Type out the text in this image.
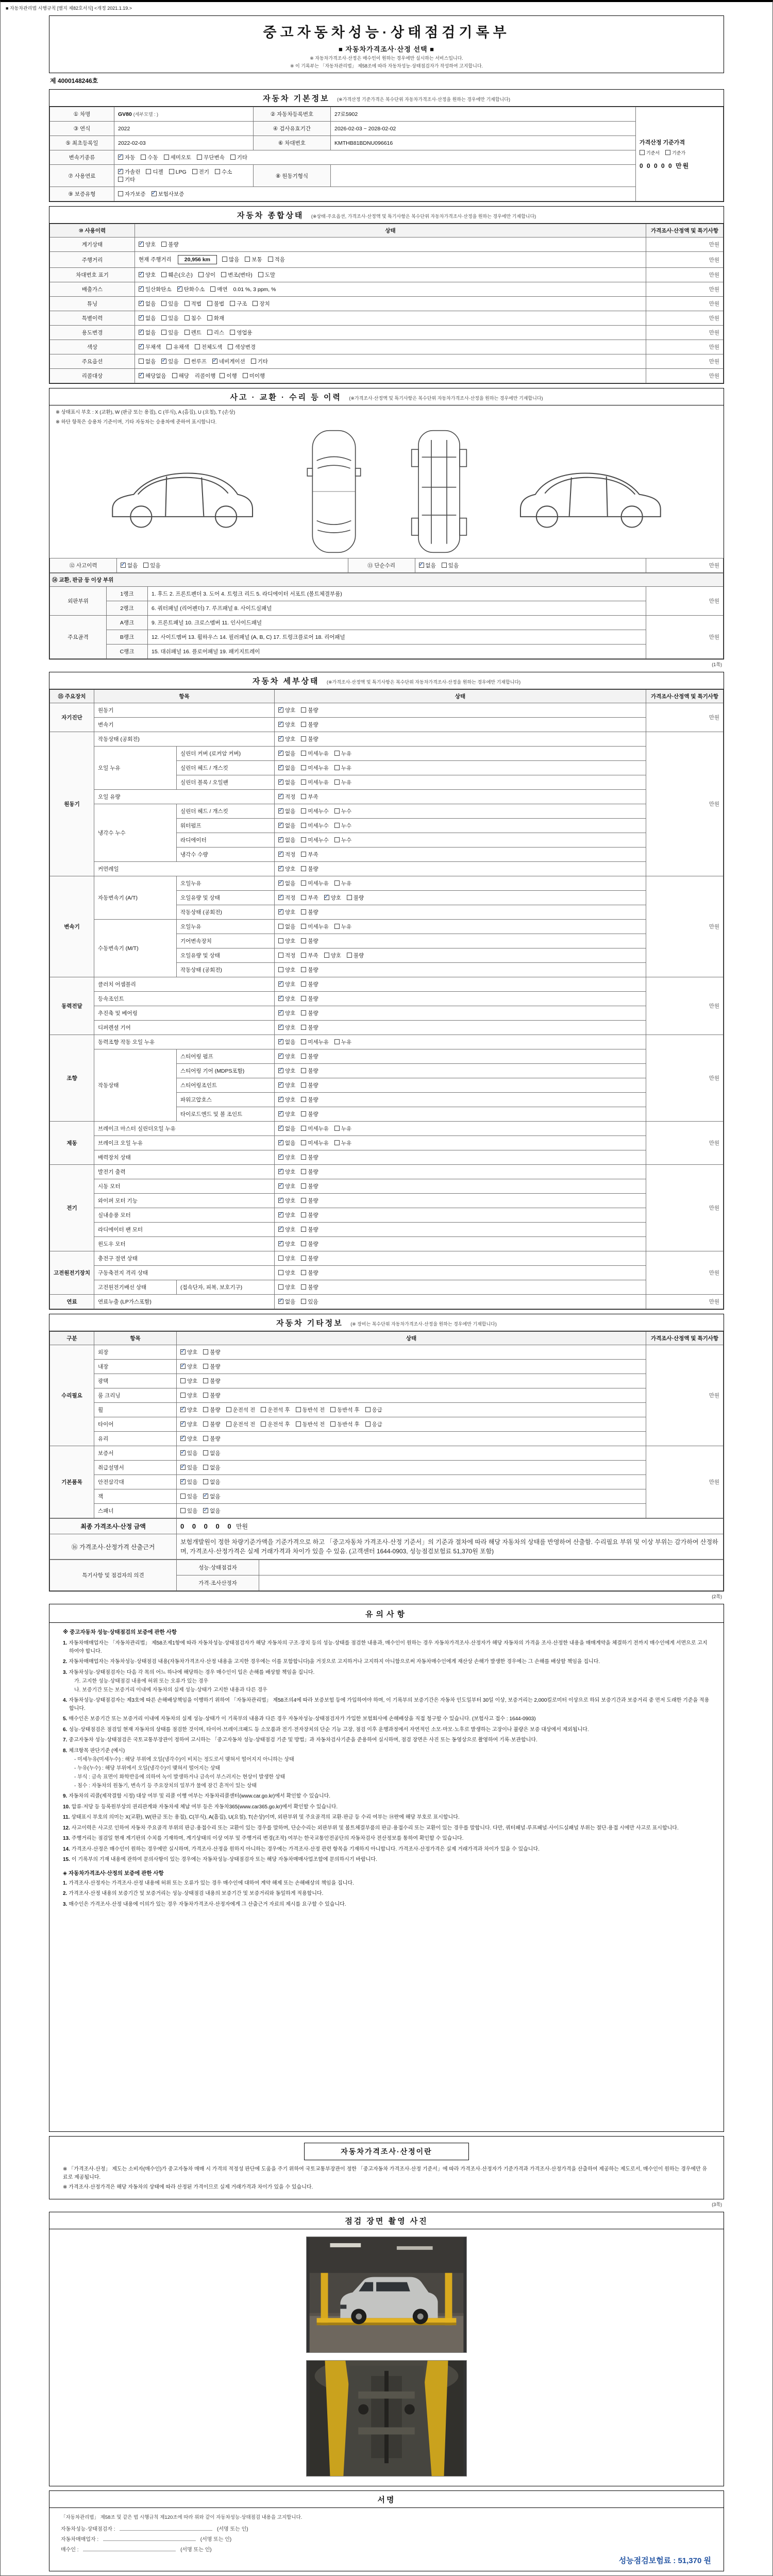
■ 자동차관리법 시행규칙 [별지 제82호서식] <개정 2021.1.19.>
중고자동차성능·상태점검기록부
■ 자동차가격조사·산정 선택 ■
※ 자동차가격조사·산정은 매수인이 원하는 경우에만 실시하는 서비스입니다.
※ 이 기록부는 「자동차관리법」 제58조에 따라 자동차성능·상태점검자가 작성하여 고지합니다.
제 4000148246호
자동차 기본정보 (※가격산정 기준가격은 복수단위 자동차가격조사·산정을 원하는 경우에만 기재합니다)
① 차명	GV80 (세부모델 : )	② 자동차등록번호	27로5902	가격산정 기준가격
기준서 기준가
0 0 0 0 0 만원

③ 연식	2022	④ 검사유효기간	2026-02-03 ~ 2028-02-02	
⑤ 최초등록일	2022-02-03	⑥ 차대번호	KMTHB81BDNU096616	
변속기종류	✓자동 수동 세미오토 무단변속 기타
⑦ 사용연료	✓가솔린 디젤 LPG 전기 수소기타	⑧ 원동기형식		
⑨ 보증유형	자가보증 ✓ 보험사보증
자동차 종합상태 (※상태·주요옵션, 가격조사·산정액 및 특기사항은 복수단위 자동차가격조사·산정을 원하는 경우에만 기재합니다)
⑩ 사용이력	상태	가격조사·산정액 및 특기사항
계기상태	✓양호 불량	만원
주행거리	현재 주행거리 20,956 km 많음 보통 적음	만원
차대번호 표기	✓양호 훼손(오손) 상이 변조(변타) 도말	만원
배출가스	✓일산화탄소 ✓ 탄화수소 매연 0.01 %, 3 ppm, %	만원
튜닝	✓없음 있음 적법 불법 구조 장치	만원
특별이력	✓없음 있음 침수 화재	만원
용도변경	✓없음 있음 렌트 리스 영업용	만원
색상	✓무채색 유채색 전체도색 색상변경	만원
주요옵션	없음 ✓ 있음 썬루프 ✓ 네비게이션 기타	만원
리콜대상	✓해당없음 해당 리콜이행 이행 미이행	만원
사고 · 교환 · 수리 등 이력 (※가격조사·산정액 및 특기사항은 복수단위 자동차가격조사·산정을 원하는 경우에만 기재합니다)
※ 상태표시 부호 : X (교환), W (판금 또는 용접), C (부식), A (흠집), U (요철), T (손상)
※ 하단 항목은 승용차 기준이며, 기타 자동차는 승용차에 준하여 표시합니다.
⑫ 사고이력	✓없음 있음	⑬ 단순수리	✓없음 있음	만원
⑭ 교환, 판금 등 이상 부위			
외판부위	1랭크	1. 후드 2. 프론트펜더 3. 도어 4. 트렁크 리드 5. 라디에이터 서포트 (볼트체결부품)	만원
	2랭크	6. 쿼터패널 (리어펜더) 7. 루프패널 8. 사이드실패널	
주요골격	A랭크	9. 프론트패널 10. 크로스멤버 11. 인사이드패널	만원
	B랭크	12. 사이드멤버 13. 휠하우스 14. 필러패널 (A, B, C) 17. 트렁크플로어 18. 리어패널	
	C랭크	15. 대쉬패널 16. 플로어패널 19. 패키지트레이	
(1쪽)
자동차 세부상태 (※가격조사·산정액 및 특기사항은 복수단위 자동차가격조사·산정을 원하는 경우에만 기재합니다)
⑮ 주요장치	항목		상태	가격조사·산정액 및 특기사항
자기진단	원동기	✓양호 불량	만원
	변속기	✓양호 불량
원동기	작동상태 (공회전)	✓양호 불량	만원
	오일 누유	실린더 커버 (로커암 커버)	✓없음 미세누유 누유
		실린더 헤드 / 개스킷	✓없음 미세누유 누유
		실린더 블록 / 오일팬	✓없음 미세누유 누유
	오일 유량	✓적정 부족
	냉각수 누수	실린더 헤드 / 개스킷	✓없음 미세누수 누수
		워터펌프	✓없음 미세누수 누수
		라디에이터	✓없음 미세누수 누수
		냉각수 수량	✓적정 부족
	커먼레일	✓양호 불량
변속기	자동변속기 (A/T)	오일누유	✓없음 미세누유 누유	만원
		오일유량 및 상태	✓적정 부족 ✓ 양호 불량
		작동상태 (공회전)	✓양호 불량
	수동변속기 (M/T)	오일누유	없음 미세누유 누유	
		기어변속장치	양호 불량	
		오일유량 및 상태	적정 부족 양호 불량	
		작동상태 (공회전)	양호 불량	
동력전달	클러치 어셈블리	✓양호 불량	만원
	등속조인트	✓양호 불량
	추진축 및 베어링	✓양호 불량
	디퍼렌셜 기어	✓양호 불량
조향	동력조향 작동 오일 누유	✓없음 미세누유 누유	만원
	작동상태	스티어링 펌프	✓양호 불량
		스티어링 기어 (MDPS포함)	✓양호 불량
		스티어링조인트	✓양호 불량
		파워고압호스	✓양호 불량
		타이로드엔드 및 볼 조인트	✓양호 불량
제동	브레이크 마스터 실린더오일 누유	✓없음 미세누유 누유	만원
	브레이크 오일 누유	✓없음 미세누유 누유
	배력장치 상태	✓양호 불량
전기	발전기 출력	✓양호 불량	만원
	시동 모터	✓양호 불량
	와이퍼 모터 기능	✓양호 불량
	실내송풍 모터	✓양호 불량
	라디에이터 팬 모터	✓양호 불량
	윈도우 모터	✓양호 불량
고전원전기장치	충전구 절연 상태		양호 불량	만원
	구동축전지 격리 상태		양호 불량	
	고전원전기배선 상태	(접속단자, 피복, 보호기구)	양호 불량	
연료	연료누출 (LP가스포함)	✓없음 있음	만원
자동차 기타정보 (※ 장비는 복수단위 자동차가격조사·산정을 원하는 경우에만 기재합니다)
구분	항목	상태	가격조사·산정액 및 특기사항
수리필요	외장	✓양호 불량	만원
	내장	✓양호 불량
	광택	양호 불량	
	룸 크리닝	양호 불량	
	휠	✓양호 불량 운전석 전 운전석 후 동반석 전 동반석 후 응급
	타이어	✓양호 불량 운전석 전 운전석 후 동반석 전 동반석 후 응급
	유리	✓양호 불량
기본품목	보증서	✓있음 없음	만원
	취급설명서	✓있음 없음
	안전삼각대	✓있음 없음
	잭	있음 ✓ 없음
	스패너	있음 ✓ 없음
최종 가격조사·산정 금액	0 0 0 0 0 만원
⑯ 가격조사·산정가격 산출근거	보험개발원이 정한 차량기준가액을 기준가격으로 하고 「중고자동차 가격조사·산정 기준서」의 기준과 절차에 따라 해당 자동차의 상태를 반영하여 산출함. 수리필요 부위 및 이상 부위는 감가하여 산정하며, 가격조사·산정가격은 실제 거래가격과 차이가 있을 수 있음. (고객센터 1644-0903, 성능점검보험료 51,370원 포함)
특기사항 및 점검자의 의견	성능·상태점검자	
	가격·조사산정자	
(2쪽)
유의사항
※ 중고자동차 성능·상태점검의 보증에 관한 사항
1. 자동차매매업자는 「자동차관리법」 제58조제1항에 따라 자동차성능·상태점검자가 해당 자동차의 구조·장치 등의 성능·상태를 점검한 내용과, 매수인이 원하는 경우 자동차가격조사·산정자가 해당 자동차의 가격을 조사·산정한 내용을 매매계약을 체결하기 전까지 매수인에게 서면으로 고지하여야 합니다.
2. 자동차매매업자는 자동차성능·상태점검 내용(자동차가격조사·산정 내용을 고지한 경우에는 이를 포함합니다)을 거짓으로 고지하거나 고지하지 아니함으로써 자동차매수인에게 재산상 손해가 발생한 경우에는 그 손해를 배상할 책임을 집니다.
3. 자동차성능·상태점검자는 다음 각 목의 어느 하나에 해당하는 경우 매수인이 입은 손해를 배상할 책임을 집니다.
가. 고지한 성능·상태점검 내용에 허위 또는 오류가 있는 경우
나. 보증기간 또는 보증거리 이내에 자동차의 실제 성능·상태가 고지한 내용과 다른 경우
4. 자동차성능·상태점검자는 제3호에 따른 손해배상책임을 이행하기 위하여 「자동차관리법」 제58조의4에 따라 보증보험 등에 가입하여야 하며, 이 기록부의 보증기간은 자동차 인도일부터 30일 이상, 보증거리는 2,000킬로미터 이상으로 하되 보증기간과 보증거리 중 먼저 도래한 기준을 적용합니다.
5. 매수인은 보증기간 또는 보증거리 이내에 자동차의 실제 성능·상태가 이 기록부의 내용과 다른 경우 자동차성능·상태점검자가 가입한 보험회사에 손해배상을 직접 청구할 수 있습니다. (보험사고 접수 : 1644-0903)
6. 성능·상태점검은 점검일 현재 자동차의 상태를 점검한 것이며, 타이어·브레이크패드 등 소모품과 전기·전자장치의 단순 기능 고장, 점검 이후 운행과정에서 자연적인 소모·마모·노후로 발생하는 고장이나 불량은 보증 대상에서 제외됩니다.
7. 중고자동차 성능·상태점검은 국토교통부장관이 정하여 고시하는 「중고자동차 성능·상태점검 기준 및 방법」과 자동차검사기준을 준용하여 실시하며, 점검 장면은 사진 또는 동영상으로 촬영하여 기록·보관합니다.
8. 체크항목 판단기준 (예시)
- 미세누유(미세누수) : 해당 부위에 오일(냉각수)이 비치는 정도로서 맺혀서 떨어지지 아니하는 상태
- 누유(누수) : 해당 부위에서 오일(냉각수)이 맺혀서 떨어지는 상태
- 부식 : 금속 표면이 화학반응에 의하여 녹이 발생하거나 금속이 부스러지는 현상이 발생한 상태
- 침수 : 자동차의 원동기, 변속기 등 주요장치의 일부가 물에 잠긴 흔적이 있는 상태
9. 자동차의 리콜(제작결함 시정) 대상 여부 및 리콜 이행 여부는 자동차리콜센터(www.car.go.kr)에서 확인할 수 있습니다.
10. 압류·저당 등 등록원부상의 권리관계와 자동차세 체납 여부 등은 자동차365(www.car365.go.kr)에서 확인할 수 있습니다.
11. 상태표시 부호의 의미는 X(교환), W(판금 또는 용접), C(부식), A(흠집), U(요철), T(손상)이며, 외판부위 및 주요골격의 교환·판금 등 수리 여부는 ⑭란에 해당 부호로 표시합니다.
12. 사고이력은 사고로 인하여 자동차 주요골격 부위의 판금·용접수리 또는 교환이 있는 경우를 말하며, 단순수리는 외판부위 및 볼트체결부품의 판금·용접수리 또는 교환이 있는 경우를 말합니다. 다만, 쿼터패널·루프패널·사이드실패널 부위는 절단·용접 시에만 사고로 표시합니다.
13. 주행거리는 점검일 현재 계기판의 수치를 기재하며, 계기상태의 이상 여부 및 주행거리 변경(조작) 여부는 한국교통안전공단의 자동차검사 전산정보를 통하여 확인할 수 있습니다.
14. 가격조사·산정은 매수인이 원하는 경우에만 실시하며, 가격조사·산정을 원하지 아니하는 경우에는 가격조사·산정 관련 항목을 기재하지 아니합니다. 가격조사·산정가격은 실제 거래가격과 차이가 있을 수 있습니다.
15. 이 기록부의 기재 내용에 관하여 문의사항이 있는 경우에는 자동차성능·상태점검자 또는 해당 자동차매매사업조합에 문의하시기 바랍니다.
◈ 자동차가격조사·산정의 보증에 관한 사항
1. 가격조사·산정자는 가격조사·산정 내용에 허위 또는 오류가 있는 경우 매수인에 대하여 계약 해제 또는 손해배상의 책임을 집니다.
2. 가격조사·산정 내용의 보증기간 및 보증거리는 성능·상태점검 내용의 보증기간 및 보증거리와 동일하게 적용합니다.
3. 매수인은 가격조사·산정 내용에 이의가 있는 경우 자동차가격조사·산정자에게 그 산출근거 자료의 제시를 요구할 수 있습니다.
자동차가격조사·산정이란
※ 「가격조사·산정」 제도는 소비자(매수인)가 중고자동차 매매 시 가격의 적정성 판단에 도움을 주기 위하여 국토교통부장관이 정한 「중고자동차 가격조사·산정 기준서」에 따라 가격조사·산정자가 기준가격과 가격조사·산정가격을 산출하여 제공하는 제도로서, 매수인이 원하는 경우에만 유료로 제공됩니다.
※ 가격조사·산정가격은 해당 자동차의 상태에 따라 산정된 가격이므로 실제 거래가격과 차이가 있을 수 있습니다.
(3쪽)
점검 장면 촬영 사진
서명
「자동차관리법」 제58조 및 같은 법 시행규칙 제120조에 따라 위와 같이 자동차성능·상태점검 내용을 고지합니다.
자동차성능·상태점검자 :	(서명 또는 인)
자동차매매업자 :	(서명 또는 인)
매수인 :	(서명 또는 인)
성능점검보험료 : 51,370 원
